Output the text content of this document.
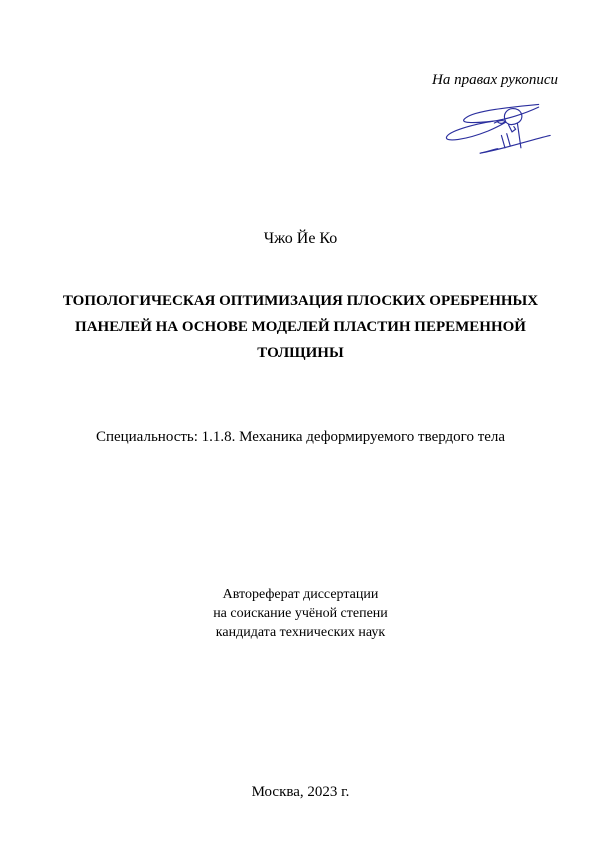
На правах рукописи
Чжо Йе Ко
ТОПОЛОГИЧЕСКАЯ ОПТИМИЗАЦИЯ ПЛОСКИХ ОРЕБРЕННЫХ
ПАНЕЛЕЙ НА ОСНОВЕ МОДЕЛЕЙ ПЛАСТИН ПЕРЕМЕННОЙ
ТОЛЩИНЫ
Специальность: 1.1.8. Механика деформируемого твердого тела
Автореферат диссертации
на соискание учёной степени
кандидата технических наук
Москва, 2023 г.
